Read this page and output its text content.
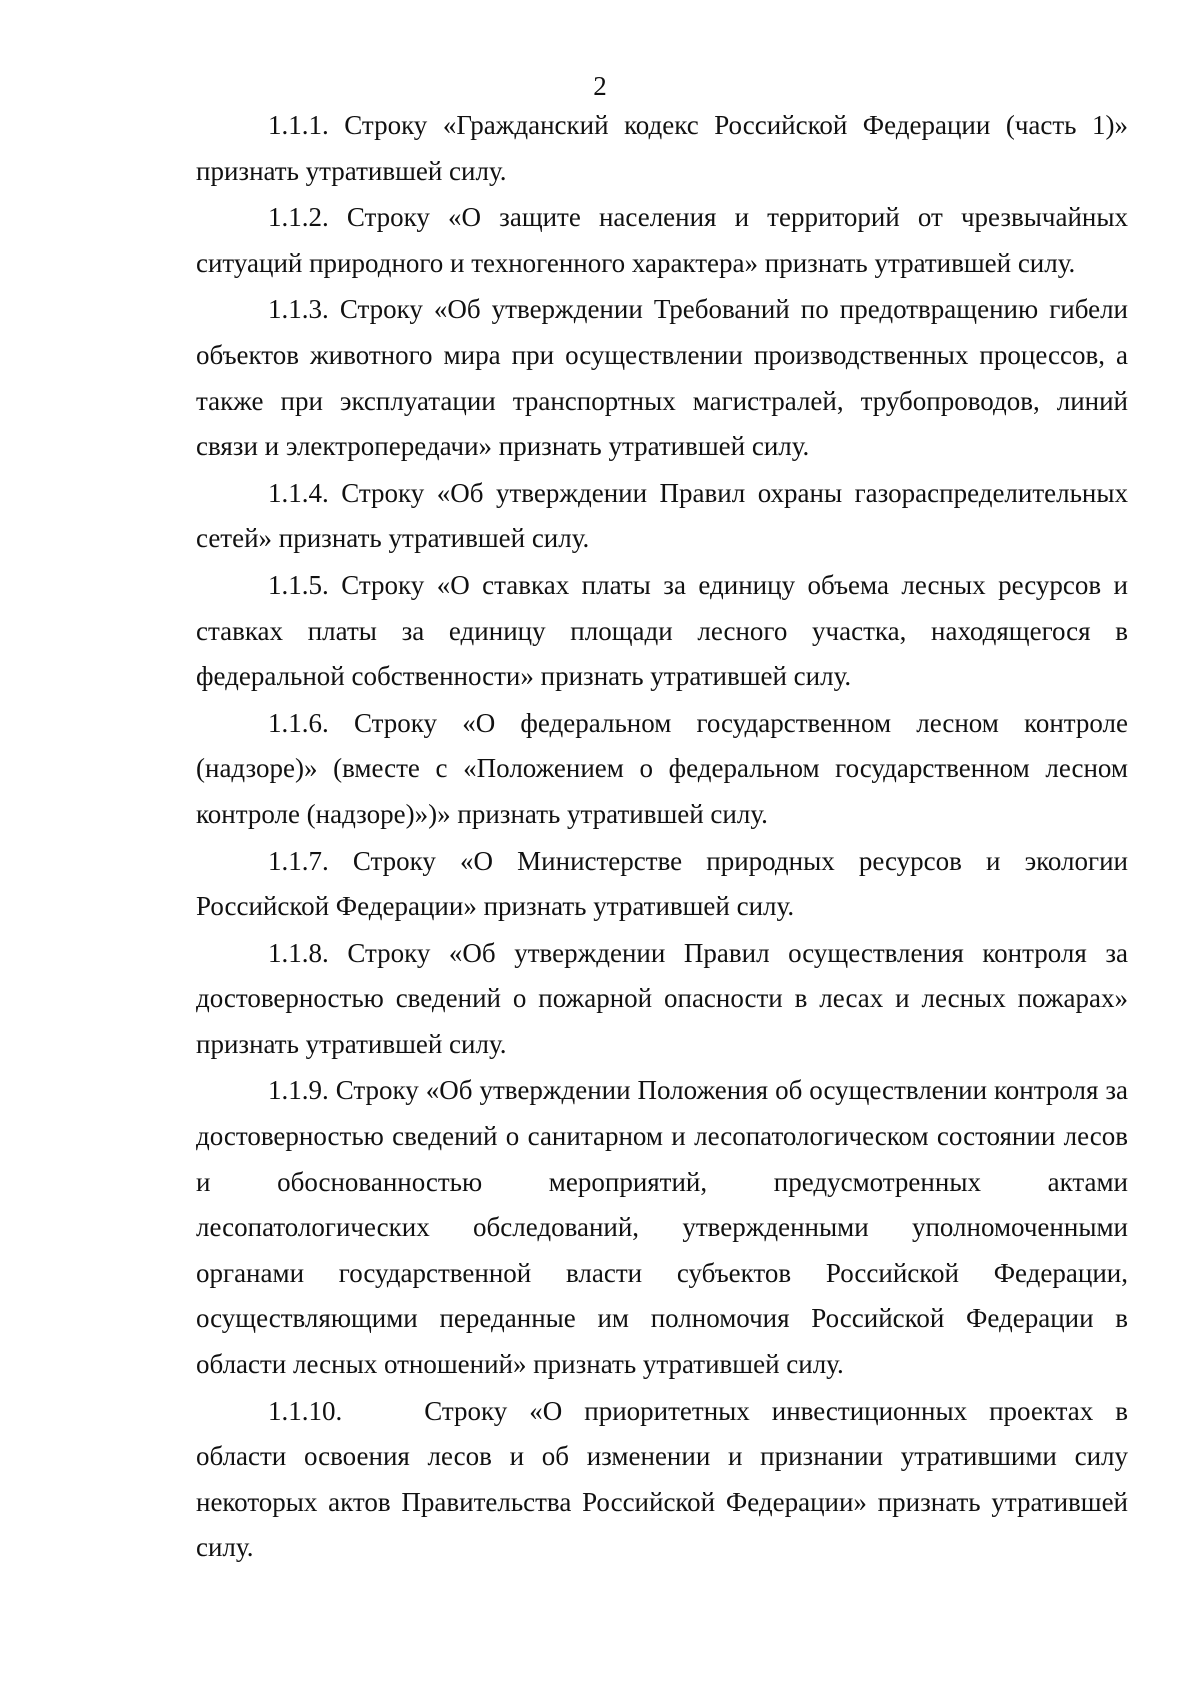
2

1.1.1. Строку «Гражданский кодекс Российской Федерации (часть 1)» признать утратившей силу.

1.1.2. Строку «О защите населения и территорий от чрезвычайных ситуаций природного и техногенного характера» признать утратившей силу.

1.1.3. Строку «Об утверждении Требований по предотвращению гибели объектов животного мира при осуществлении производственных процессов, а также при эксплуатации транспортных магистралей, трубопроводов, линий связи и электропередачи» признать утратившей силу.

1.1.4. Строку «Об утверждении Правил охраны газораспределительных сетей» признать утратившей силу.

1.1.5. Строку «О ставках платы за единицу объема лесных ресурсов и ставках платы за единицу площади лесного участка, находящегося в федеральной собственности» признать утратившей силу.

1.1.6. Строку «О федеральном государственном лесном контроле (надзоре)» (вместе с «Положением о федеральном государственном лесном контроле (надзоре)»)» признать утратившей силу.

1.1.7. Строку «О Министерстве природных ресурсов и экологии Российской Федерации» признать утратившей силу.

1.1.8. Строку «Об утверждении Правил осуществления контроля за достоверностью сведений о пожарной опасности в лесах и лесных пожарах» признать утратившей силу.

1.1.9. Строку «Об утверждении Положения об осуществлении контроля за достоверностью сведений о санитарном и лесопатологическом состоянии лесов и обоснованностью мероприятий, предусмотренных актами лесопатологических обследований, утвержденными уполномоченными органами государственной власти субъектов Российской Федерации, осуществляющими переданные им полномочия Российской Федерации в области лесных отношений» признать утратившей силу.

1.1.10.	Строку «О приоритетных инвестиционных проектах в области освоения лесов и об изменении и признании утратившими силу некоторых актов Правительства Российской Федерации» признать утратившей силу.
